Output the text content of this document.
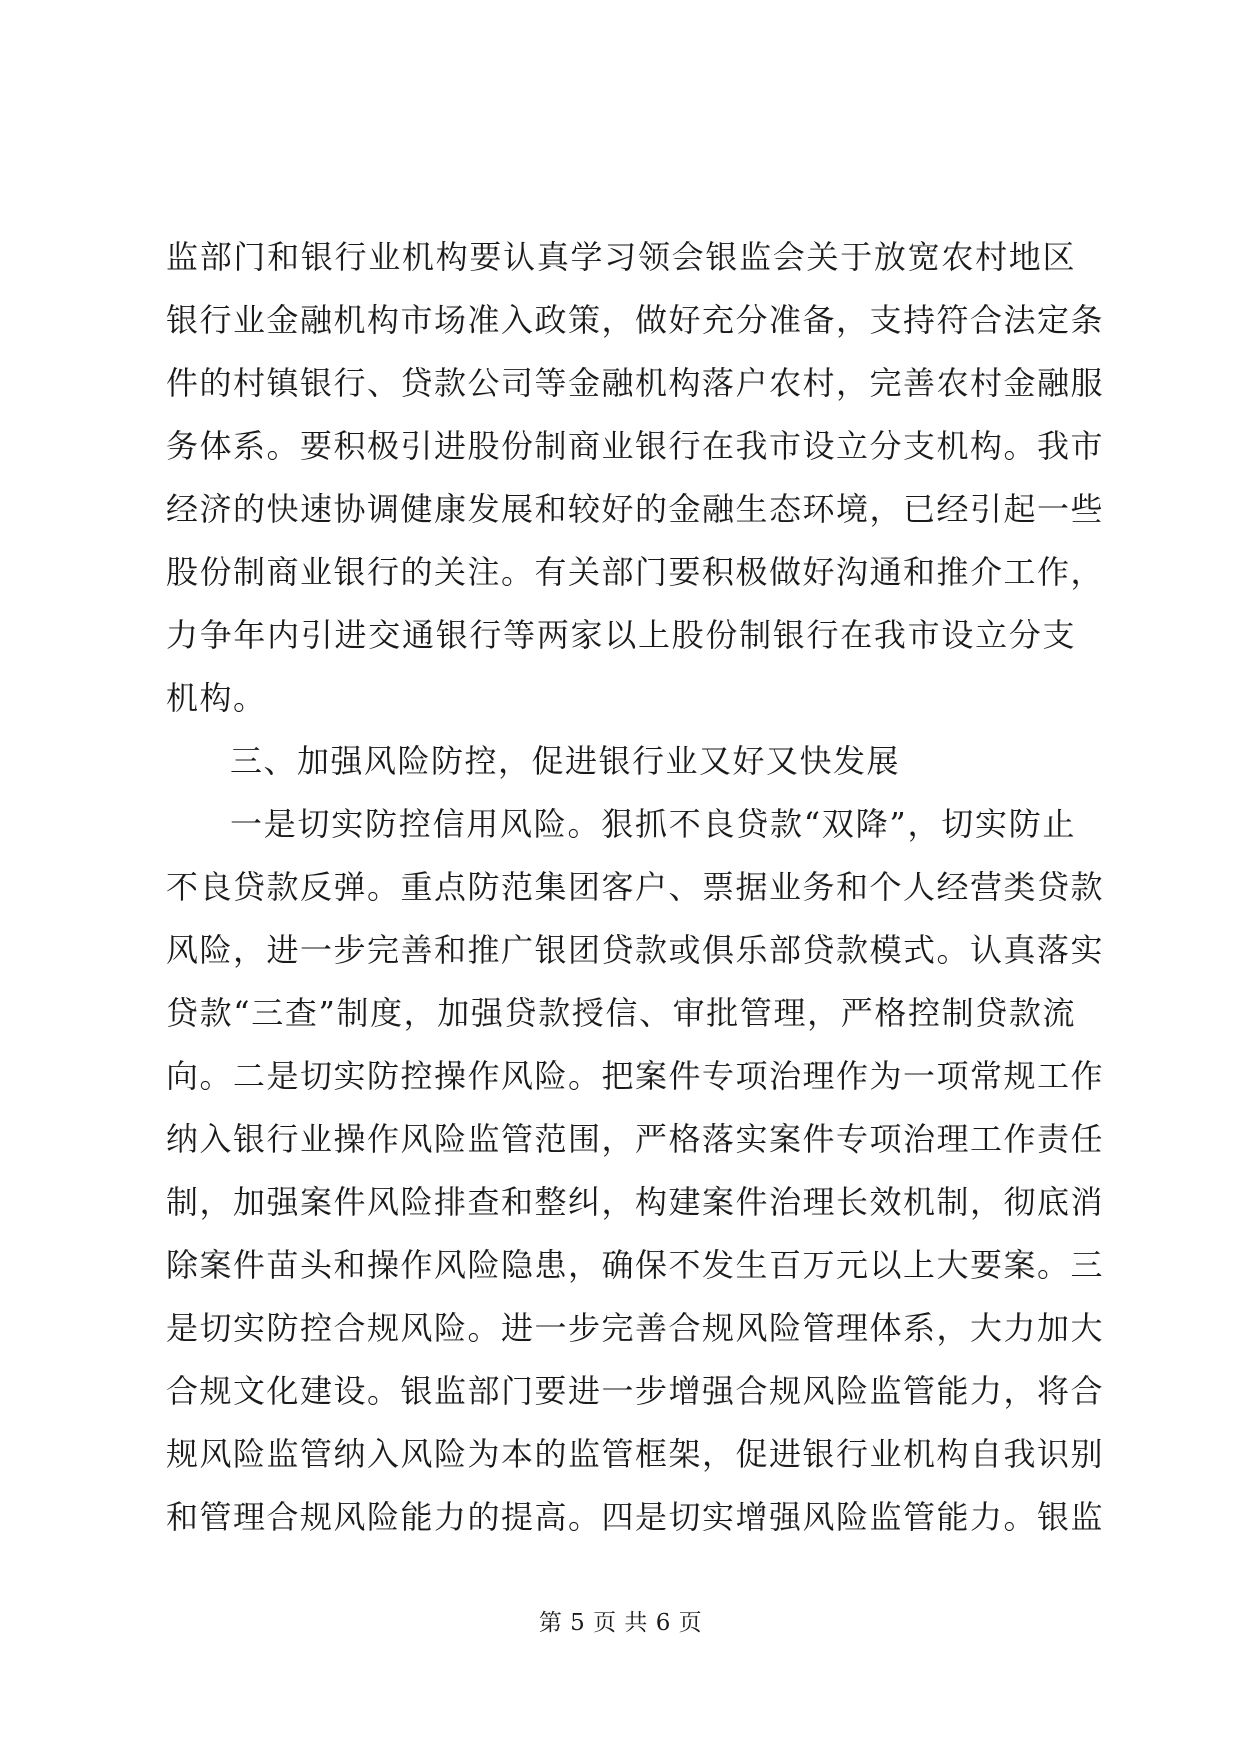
监部门和银行业机构要认真学习领会银监会关于放宽农村地区
银行业金融机构市场准入政策，做好充分准备，支持符合法定条
件的村镇银行、贷款公司等金融机构落户农村，完善农村金融服
务体系。要积极引进股份制商业银行在我市设立分支机构。我市
经济的快速协调健康发展和较好的金融生态环境，已经引起一些
股份制商业银行的关注。有关部门要积极做好沟通和推介工作，
力争年内引进交通银行等两家以上股份制银行在我市设立分支
机构。
三、加强风险防控，促进银行业又好又快发展
一是切实防控信用风险。狠抓不良贷款“双降”，切实防止
不良贷款反弹。重点防范集团客户、票据业务和个人经营类贷款
风险，进一步完善和推广银团贷款或俱乐部贷款模式。认真落实
贷款“三查”制度，加强贷款授信、审批管理，严格控制贷款流
向。二是切实防控操作风险。把案件专项治理作为一项常规工作
纳入银行业操作风险监管范围，严格落实案件专项治理工作责任
制，加强案件风险排查和整纠，构建案件治理长效机制，彻底消
除案件苗头和操作风险隐患，确保不发生百万元以上大要案。三
是切实防控合规风险。进一步完善合规风险管理体系，大力加大
合规文化建设。银监部门要进一步增强合规风险监管能力，将合
规风险监管纳入风险为本的监管框架，促进银行业机构自我识别
和管理合规风险能力的提高。四是切实增强风险监管能力。银监
第 5 页 共 6 页
